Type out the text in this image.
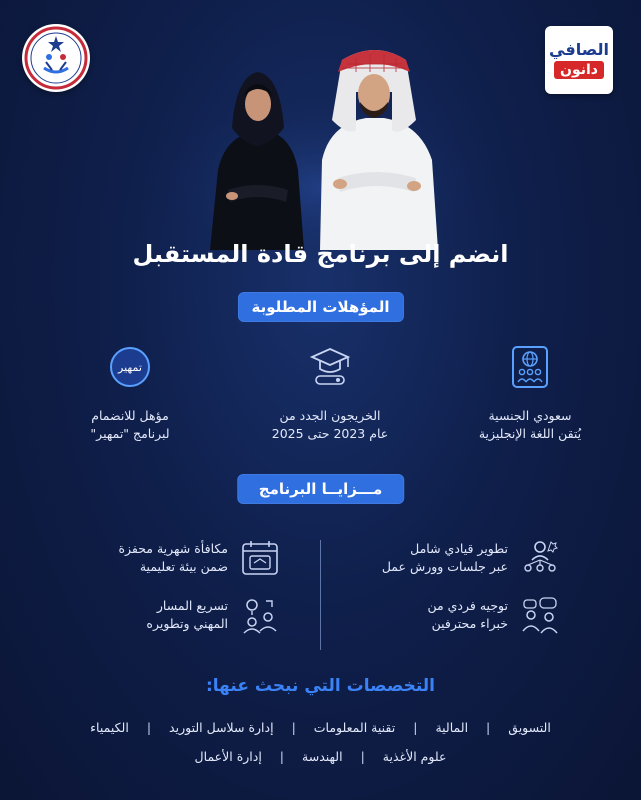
الصافي
دانون
انضم إلى برنامج قادة المستقبل
المؤهلات المطلوبة
سعودي الجنسية
يُتقن اللغة الإنجليزية
الخريجون الجدد من
عام 2023 حتى 2025
تمهير
مؤهل للانضمام
لبرنامج "تمهير"
مـــزايــا البرنامج
تطوير قيادي شامل
عبر جلسات وورش عمل
مكافأة شهرية محفزة
ضمن بيئة تعليمية
توجيه فردي من
خبراء محترفين
تسريع المسار
المهني وتطويره
التخصصات التي نبحث عنها:
التسويق
|
المالية
|
تقنية المعلومات
|
إدارة سلاسل التوريد
|
الكيمياء
علوم الأغذية
|
الهندسة
|
إدارة الأعمال
